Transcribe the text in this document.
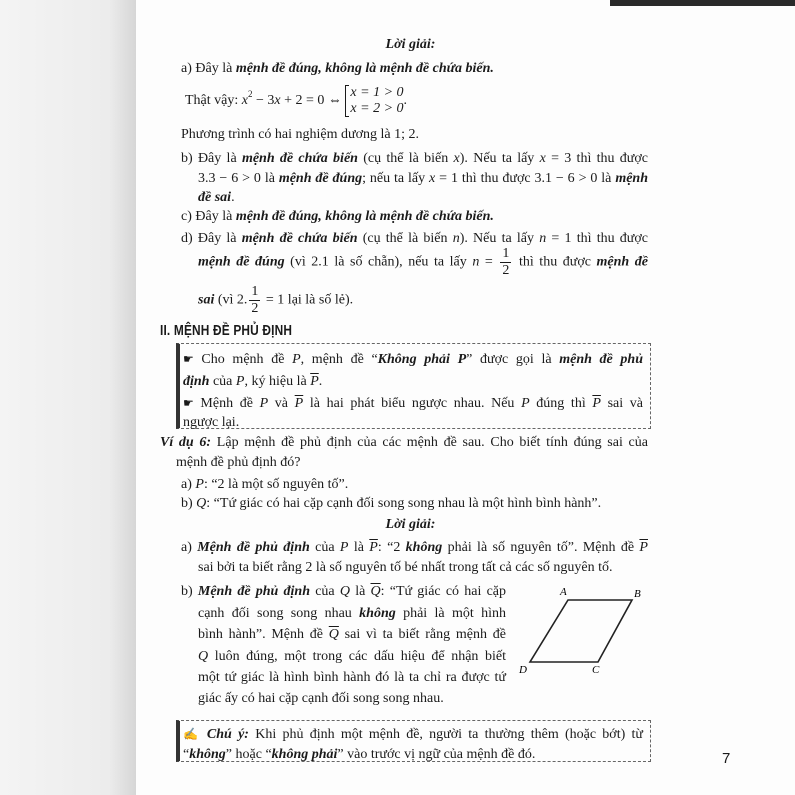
II. MỆNH ĐỀ PHỦ ĐỊNH
Lời giải:
a) Đây là mệnh đề đúng, không là mệnh đề chứa biến.
Thật vậy: $x^2 - 3x + 2 = 0$ ⇔
x = 1 > 0
x = 2 > 0
.
Phương trình có hai nghiệm dương là 1; 2.
b) Đây là mệnh đề chứa biến (cụ thể là biến x). Nếu ta lấy x = 3 thì thu được
3.3 − 6 > 0 là mệnh đề đúng; nếu ta lấy x = 1 thì thu được 3.1 − 6 > 0 là mệnh
đề sai.
c) Đây là mệnh đề đúng, không là mệnh đề chứa biến.
d) Đây là mệnh đề chứa biến (cụ thể là biến n). Nếu ta lấy n = 1 thì thu được
mệnh đề đúng (vì 2.1 là số chẵn), nếu ta lấy $n = \frac{1}{2}$ thì thu được mệnh đề
sai (vì 2. $\frac{1}{2} = 1$ lại là số lẻ).
☛ Cho mệnh đề P, mệnh đề “Không phải P” được gọi là mệnh đề phủ
định của P, ký hiệu là $\overline{P}$.
☛ Mệnh đề P và $\overline{P}$ là hai phát biểu ngược nhau. Nếu P đúng thì $\overline{P}$ sai và
ngược lại.
Ví dụ 6: Lập mệnh đề phủ định của các mệnh đề sau. Cho biết tính đúng sai của
mệnh đề phủ định đó?
a) P: “2 là một số nguyên tố”.
b) Q: “Tứ giác có hai cặp cạnh đối song song nhau là một hình bình hành”.
Lời giải:
a) Mệnh đề phủ định của P là $\overline{P}$: “2 không phải là số nguyên tố”. Mệnh đề $\overline{P}$
sai bởi ta biết rằng 2 là số nguyên tố bé nhất trong tất cả các số nguyên tố.
b) Mệnh đề phủ định của Q là $\overline{Q}$: “Tứ giác có hai cặp
cạnh đối song song nhau không phải là một hình
bình hành”. Mệnh đề $\overline{Q}$ sai vì ta biết rằng mệnh đề
Q luôn đúng, một trong các dấu hiệu để nhận biết
một tứ giác là hình bình hành đó là ta chỉ ra được tứ
giác ấy có hai cặp cạnh đối song song nhau.
✍ Chú ý: Khi phủ định một mệnh đề, người ta thường thêm (hoặc bớt) từ
“không” hoặc “không phải” vào trước vị ngữ của mệnh đề đó.
A	B
C
D
7
